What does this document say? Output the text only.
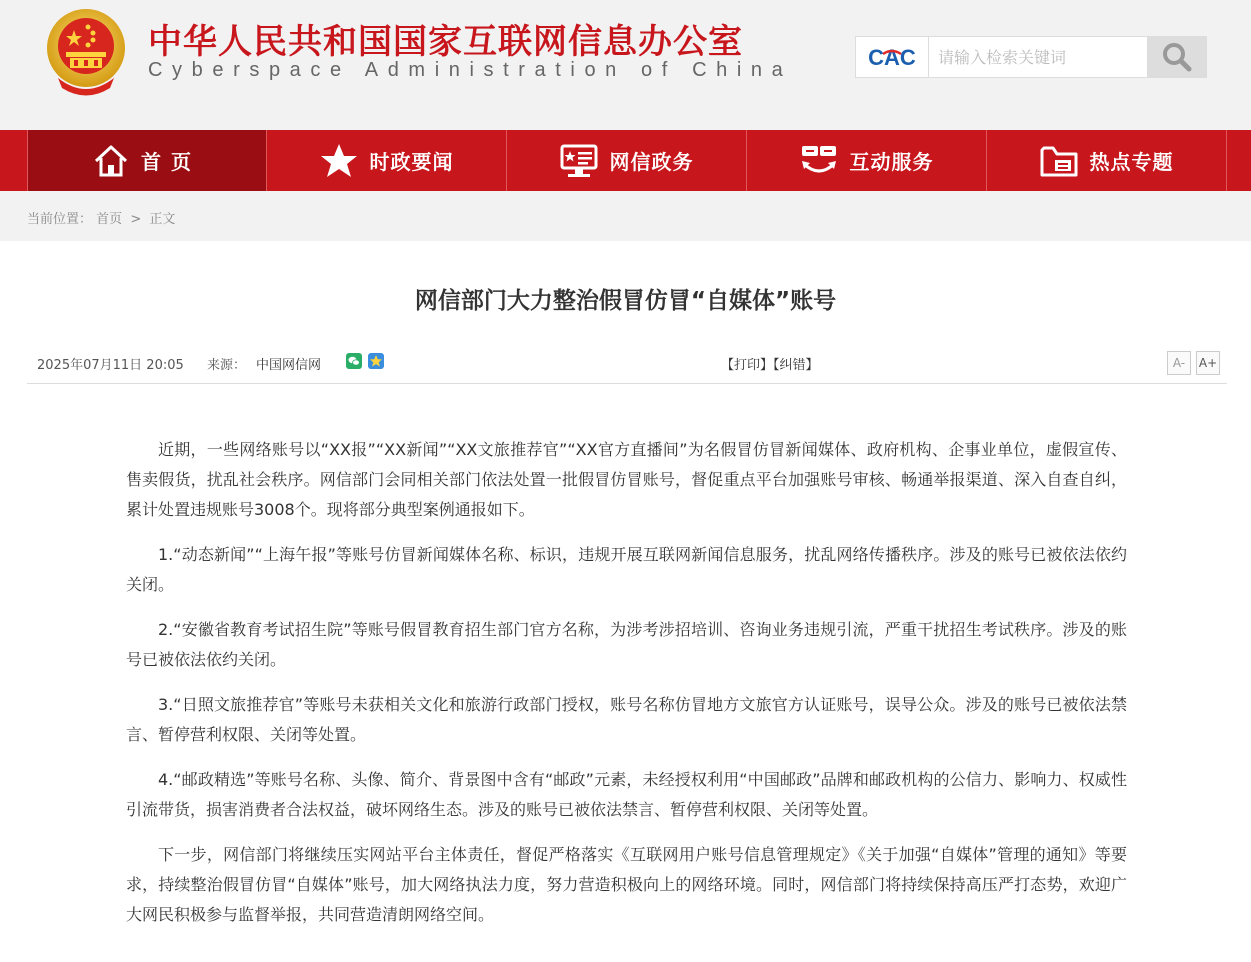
中华人民共和国国家互联网信息办公室
Cyberspace Administration of China	CAC
请输入检索关键词
首页	时政要闻	网信政务	互动服务	热点专题
当前位置： 首页 > 正文
网信部门大力整治假冒仿冒“自媒体”账号
2025年07月11日 20:05 来源： 中国网信网	【打印】【纠错】	A-	A+

近期，一些网络账号以“XX报”“XX新闻”“XX文旅推荐官”“XX官方直播间”为名假冒仿冒新闻媒体、政府机构、企事业单位，虚假宣传、售卖假货，扰乱社会秩序。网信部门会同相关部门依法处置一批假冒仿冒账号，督促重点平台加强账号审核、畅通举报渠道、深入自查自纠，累计处置违规账号3008个。现将部分典型案例通报如下。

1.“动态新闻”“上海午报”等账号仿冒新闻媒体名称、标识，违规开展互联网新闻信息服务，扰乱网络传播秩序。涉及的账号已被依法依约关闭。

2.“安徽省教育考试招生院”等账号假冒教育招生部门官方名称，为涉考涉招培训、咨询业务违规引流，严重干扰招生考试秩序。涉及的账号已被依法依约关闭。

3.“日照文旅推荐官”等账号未获相关文化和旅游行政部门授权，账号名称仿冒地方文旅官方认证账号，误导公众。涉及的账号已被依法禁言、暂停营利权限、关闭等处置。

4.“邮政精选”等账号名称、头像、简介、背景图中含有“邮政”元素，未经授权利用“中国邮政”品牌和邮政机构的公信力、影响力、权威性引流带货，损害消费者合法权益，破坏网络生态。涉及的账号已被依法禁言、暂停营利权限、关闭等处置。

下一步，网信部门将继续压实网站平台主体责任，督促严格落实《互联网用户账号信息管理规定》《关于加强“自媒体”管理的通知》等要求，持续整治假冒仿冒“自媒体”账号，加大网络执法力度，努力营造积极向上的网络环境。同时，网信部门将持续保持高压严打态势，欢迎广大网民积极参与监督举报，共同营造清朗网络空间。
